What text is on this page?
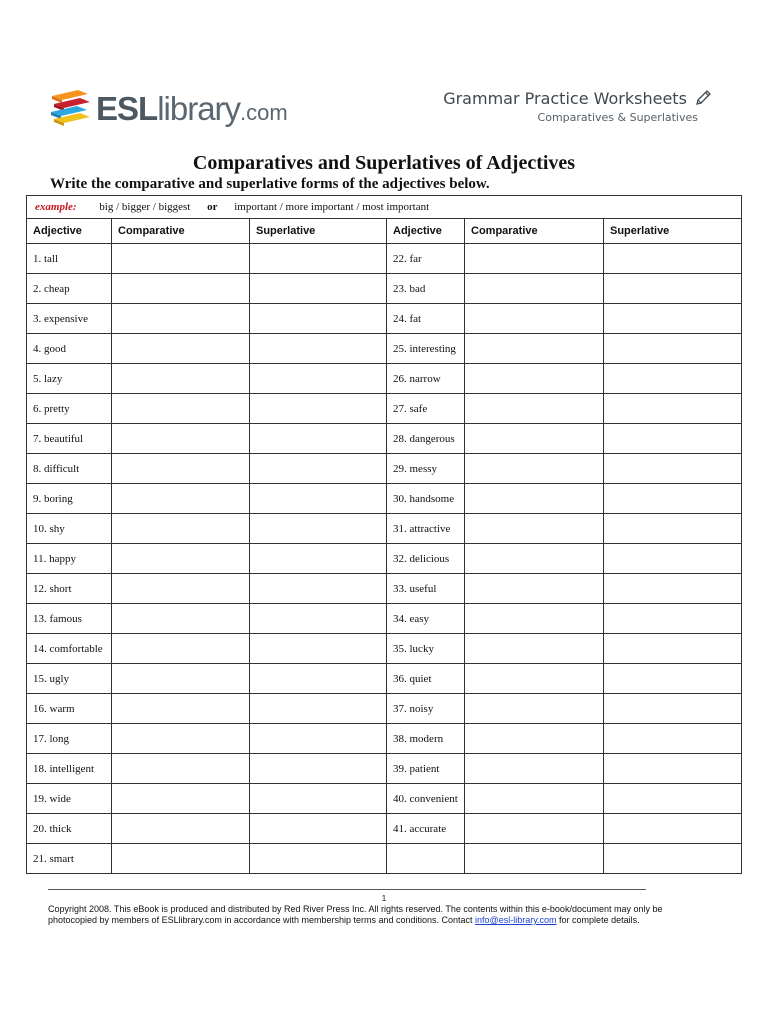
ESLlibrary.com
Grammar Practice Worksheets
Comparatives & Superlatives
Comparatives and Superlatives of Adjectives
Write the comparative and superlative forms of the adjectives below.
example: big / bigger / biggest or important / more important / most important					
Adjective	Comparative	Superlative	Adjective	Comparative	Superlative
1. tall			22. far		
2. cheap			23. bad		
3. expensive			24. fat		
4. good			25. interesting		
5. lazy			26. narrow		
6. pretty			27. safe		
7. beautiful			28. dangerous		
8. difficult			29. messy		
9. boring			30. handsome		
10. shy			31. attractive		
11. happy			32. delicious		
12. short			33. useful		
13. famous			34. easy		
14. comfortable			35. lucky		
15. ugly			36. quiet		
16. warm			37. noisy		
17. long			38. modern		
18. intelligent			39. patient		
19. wide			40. convenient		
20. thick			41. accurate		
21. smart					
1
Copyright 2008. This eBook is produced and distributed by Red River Press Inc. All rights reserved. The contents within this e-book/document may only be
photocopied by members of ESLlibrary.com in accordance with membership terms and conditions. Contact info@esl-library.com for complete details.
